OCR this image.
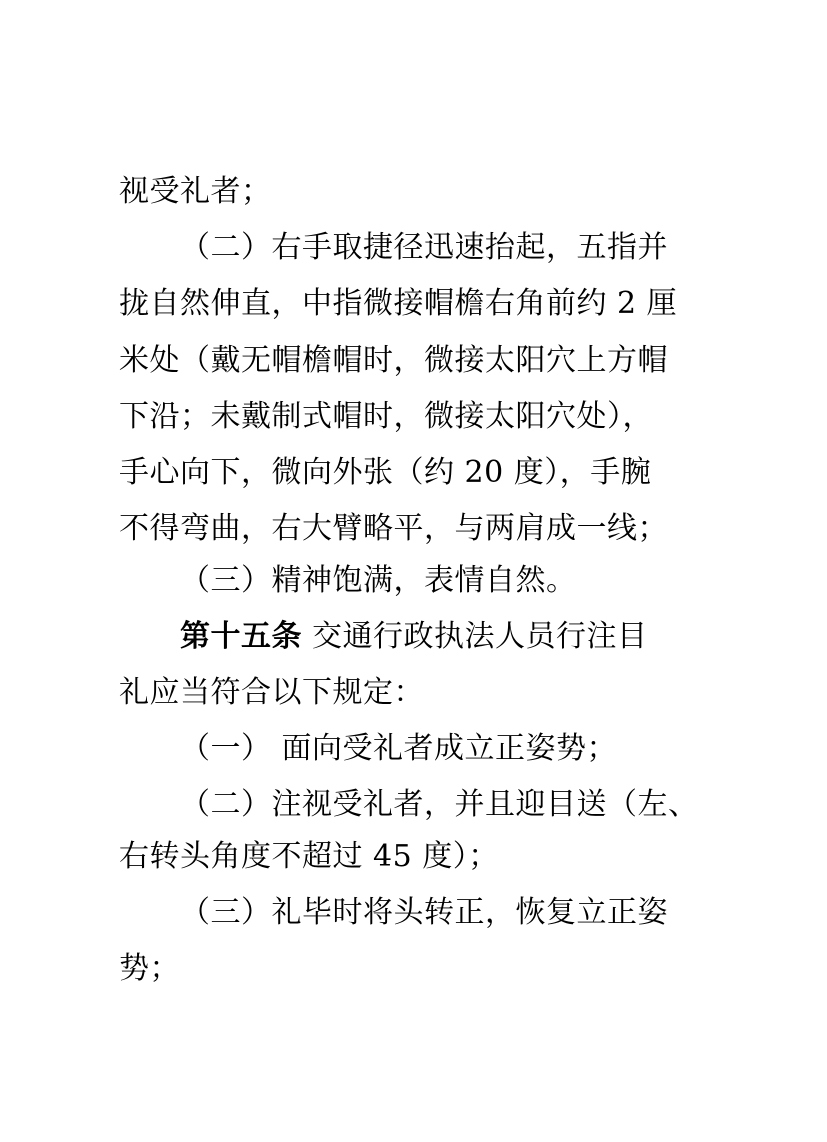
视受礼者；
（二）右手取捷径迅速抬起，五指并
拢自然伸直，中指微接帽檐右角前约 2 厘
米处（戴无帽檐帽时，微接太阳穴上方帽
下沿；未戴制式帽时，微接太阳穴处），
手心向下，微向外张（约 20 度），手腕
不得弯曲，右大臂略平，与两肩成一线；
（三）精神饱满，表情自然。
第十五条 交通行政执法人员行注目
礼应当符合以下规定：
（一） 面向受礼者成立正姿势；
（二）注视受礼者，并且迎目送（左、
右转头角度不超过 45 度）；
（三）礼毕时将头转正，恢复立正姿
势；
